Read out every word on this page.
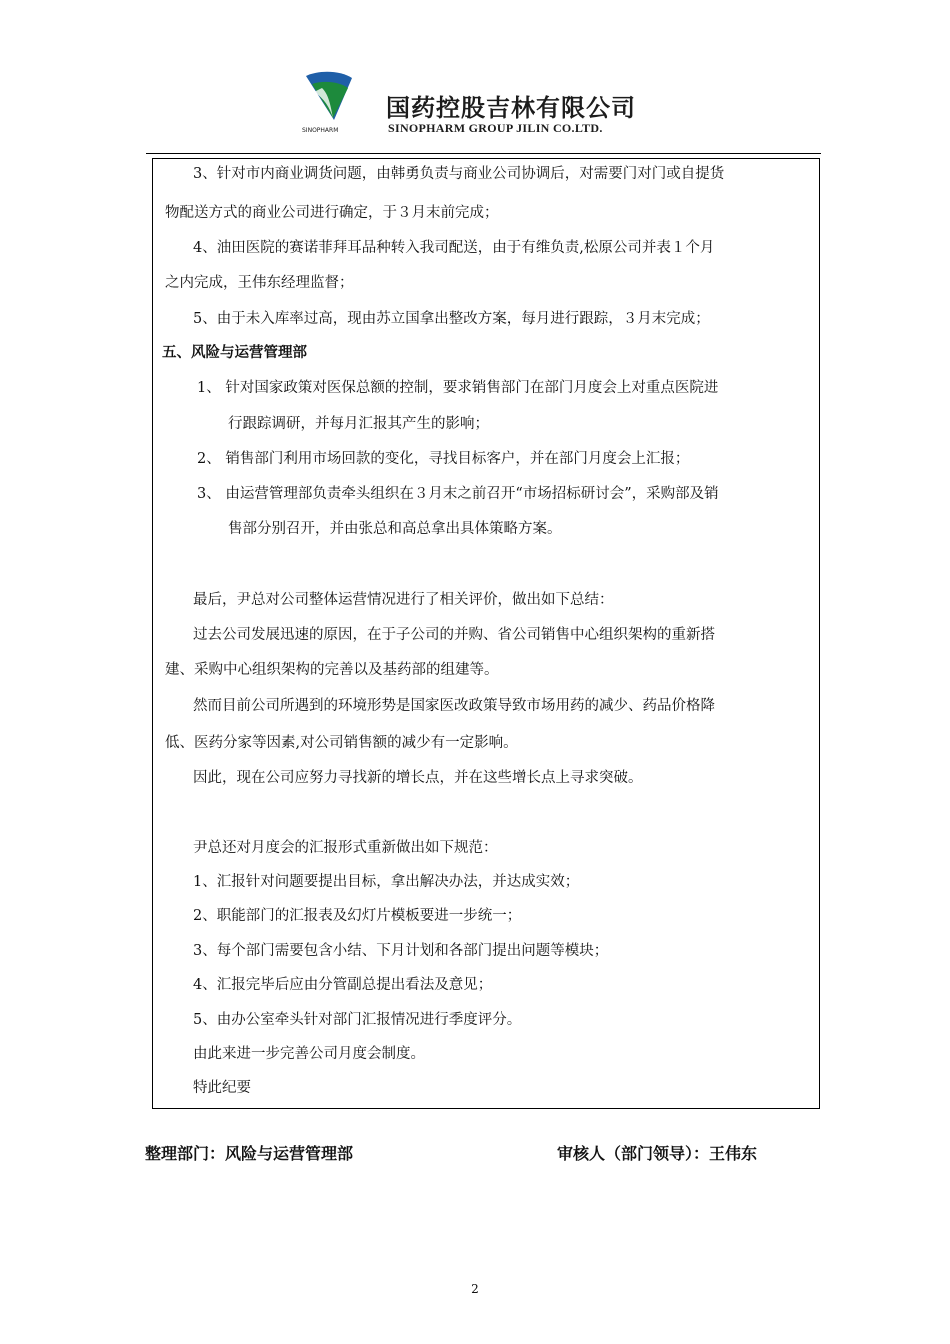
SINOPHARM
国药控股吉林有限公司
SINOPHARM GROUP JILIN CO.LTD.
3、针对市内商业调货问题，由韩勇负责与商业公司协调后，对需要门对门或自提货
物配送方式的商业公司进行确定，于３月末前完成；
4、油田医院的赛诺菲拜耳品种转入我司配送，由于有维负责,松原公司并表１个月
之内完成，王伟东经理监督；
5、由于未入库率过高，现由苏立国拿出整改方案，每月进行跟踪，３月末完成；
五、风险与运营管理部
1、 针对国家政策对医保总额的控制，要求销售部门在部门月度会上对重点医院进
行跟踪调研，并每月汇报其产生的影响；
2、 销售部门利用市场回款的变化，寻找目标客户，并在部门月度会上汇报；
3、 由运营管理部负责牵头组织在３月末之前召开“市场招标研讨会”，采购部及销
售部分别召开，并由张总和高总拿出具体策略方案。
最后，尹总对公司整体运营情况进行了相关评价，做出如下总结：
过去公司发展迅速的原因，在于子公司的并购、省公司销售中心组织架构的重新搭
建、采购中心组织架构的完善以及基药部的组建等。
然而目前公司所遇到的环境形势是国家医改政策导致市场用药的减少、药品价格降
低、医药分家等因素,对公司销售额的减少有一定影响。
因此，现在公司应努力寻找新的增长点，并在这些增长点上寻求突破。
尹总还对月度会的汇报形式重新做出如下规范：
1、汇报针对问题要提出目标，拿出解决办法，并达成实效；
2、职能部门的汇报表及幻灯片模板要进一步统一；
3、每个部门需要包含小结、下月计划和各部门提出问题等模块；
4、汇报完毕后应由分管副总提出看法及意见；
5、由办公室牵头针对部门汇报情况进行季度评分。
由此来进一步完善公司月度会制度。
特此纪要
整理部门：风险与运营管理部	审核人（部门领导）：王伟东
2
